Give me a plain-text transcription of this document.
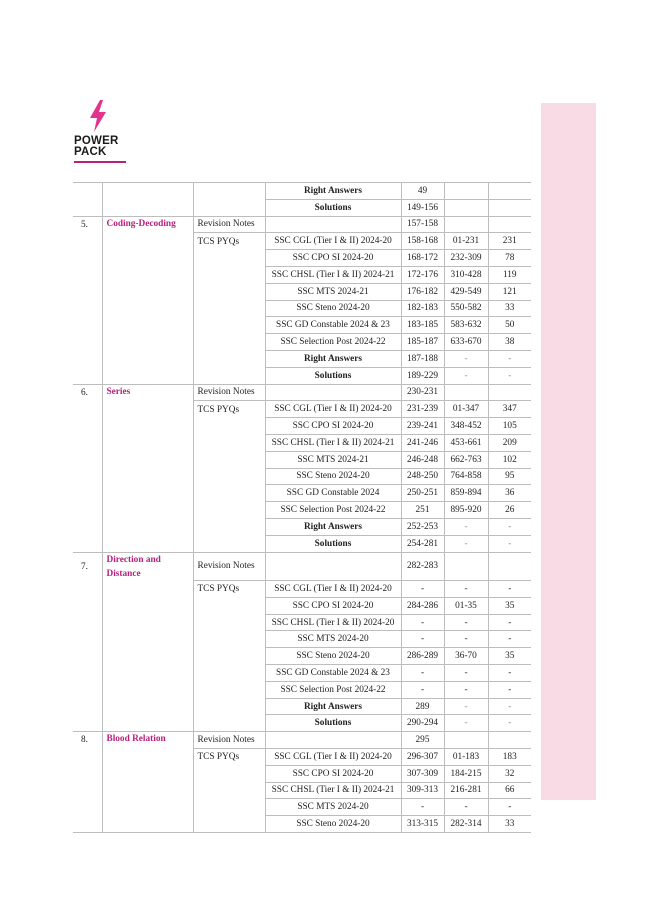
POWER
PACK
			Right Answers	49		
			Solutions	149-156		
5.	Coding-Decoding	Revision Notes		157-158		
		TCS PYQs	SSC CGL (Tier I & II) 2024-20	158-168	01-231	231
			SSC CPO SI 2024-20	168-172	232-309	78
			SSC CHSL (Tier I & II) 2024-21	172-176	310-428	119
			SSC MTS 2024-21	176-182	429-549	121
			SSC Steno 2024-20	182-183	550-582	33
			SSC GD Constable 2024 & 23	183-185	583-632	50
			SSC Selection Post 2024-22	185-187	633-670	38
			Right Answers	187-188	-	-
			Solutions	189-229	-	-
6.	Series	Revision Notes		230-231		
		TCS PYQs	SSC CGL (Tier I & II) 2024-20	231-239	01-347	347
			SSC CPO SI 2024-20	239-241	348-452	105
			SSC CHSL (Tier I & II) 2024-21	241-246	453-661	209
			SSC MTS 2024-21	246-248	662-763	102
			SSC Steno 2024-20	248-250	764-858	95
			SSC GD Constable 2024	250-251	859-894	36
			SSC Selection Post 2024-22	251	895-920	26
			Right Answers	252-253	-	-
			Solutions	254-281	-	-
7.	Direction and Distance	Revision Notes		282-283		
		TCS PYQs	SSC CGL (Tier I & II) 2024-20	-	-	-
			SSC CPO SI 2024-20	284-286	01-35	35
			SSC CHSL (Tier I & II) 2024-20	-	-	-
			SSC MTS 2024-20	-	-	-
			SSC Steno 2024-20	286-289	36-70	35
			SSC GD Constable 2024 & 23	-	-	-
			SSC Selection Post 2024-22	-	-	-
			Right Answers	289	-	-
			Solutions	290-294	-	-
8.	Blood Relation	Revision Notes		295		
		TCS PYQs	SSC CGL (Tier I & II) 2024-20	296-307	01-183	183
			SSC CPO SI 2024-20	307-309	184-215	32
			SSC CHSL (Tier I & II) 2024-21	309-313	216-281	66
			SSC MTS 2024-20	-	-	-
			SSC Steno 2024-20	313-315	282-314	33
